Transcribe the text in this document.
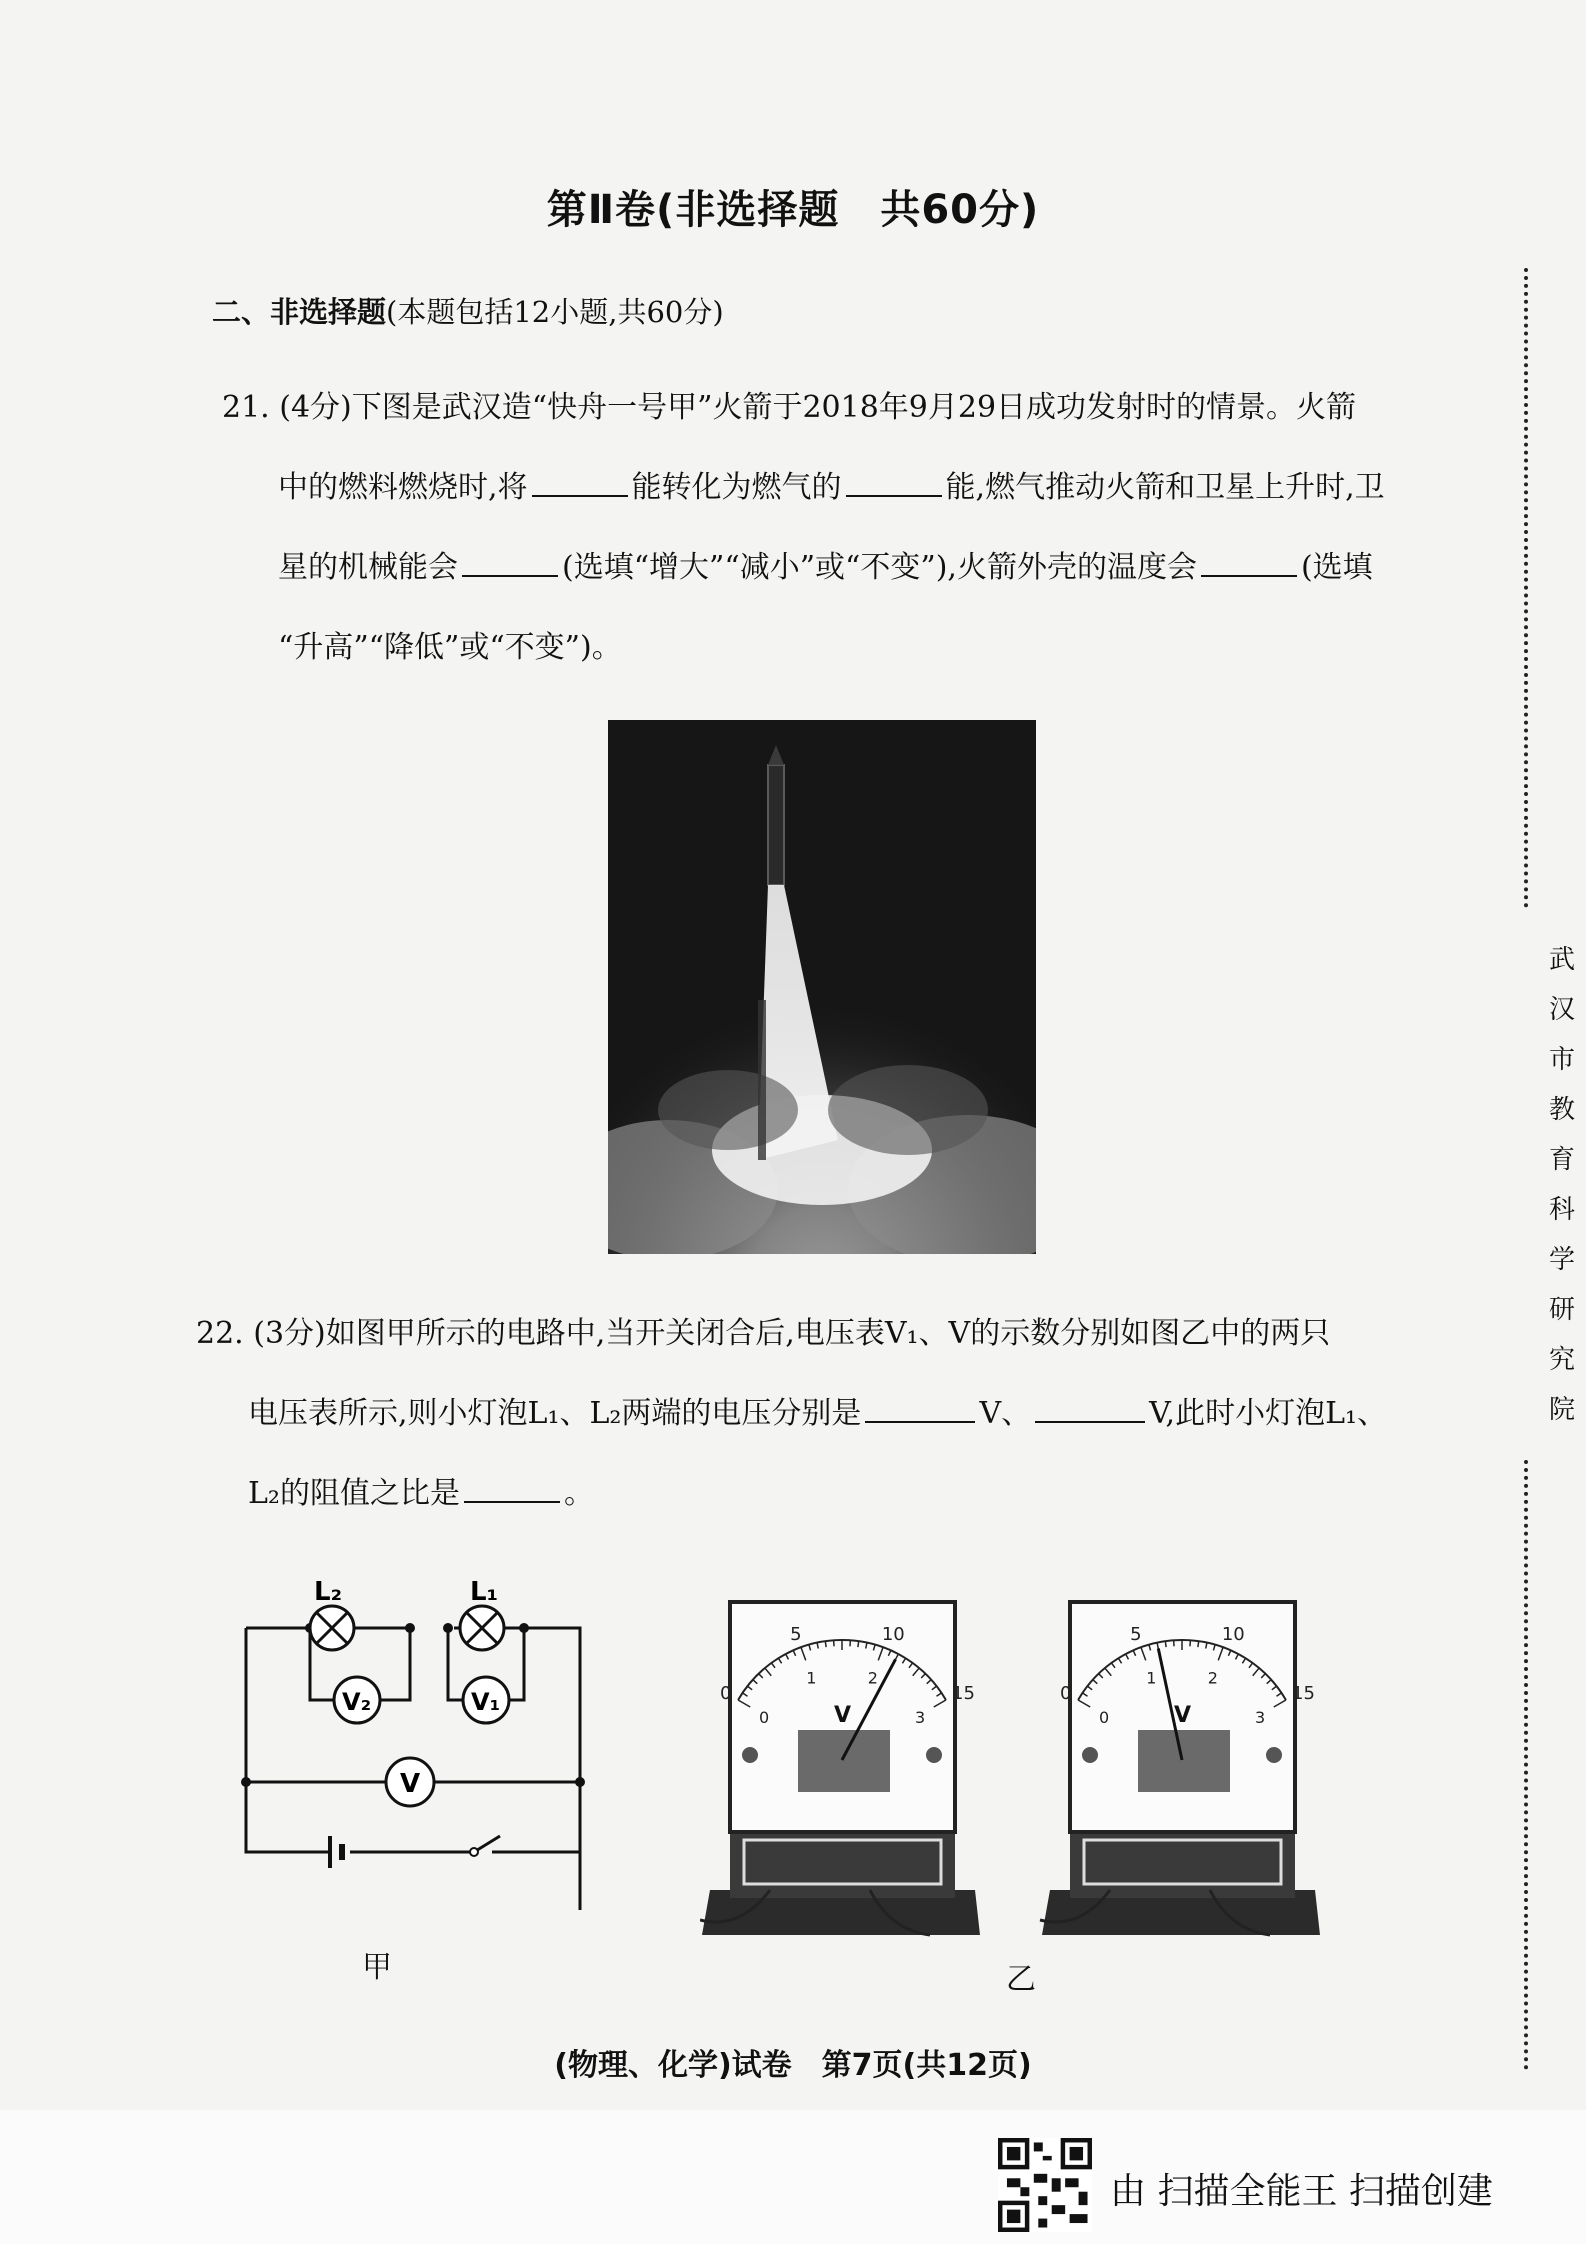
第Ⅱ卷(非选择题　共60分)
二、非选择题(本题包括12小题,共60分)
21. (4分)下图是武汉造“快舟一号甲”火箭于2018年9月29日成功发射时的情景。火箭
中的燃料燃烧时,将	能转化为燃气的	能,燃气推动火箭和卫星上升时,卫
星的机械能会	(选填“增大”“减小”或“不变”),火箭外壳的温度会	(选填
“升高”“降低”或“不变”)。
22. (3分)如图甲所示的电路中,当开关闭合后,电压表V₁、V的示数分别如图乙中的两只
电压表所示,则小灯泡L₁、L₂两端的电压分别是	V、	V,此时小灯泡L₁、
L₂的阻值之比是	。
L₂	L₁
V₂	V₁
V
甲
0
5	10
15
0
1	2
3
V
0
5	10
15
0
1	2
3
V
乙
武汉市教育科学研究院
(物理、化学)试卷　第7页(共12页)
由 扫描全能王 扫描创建
